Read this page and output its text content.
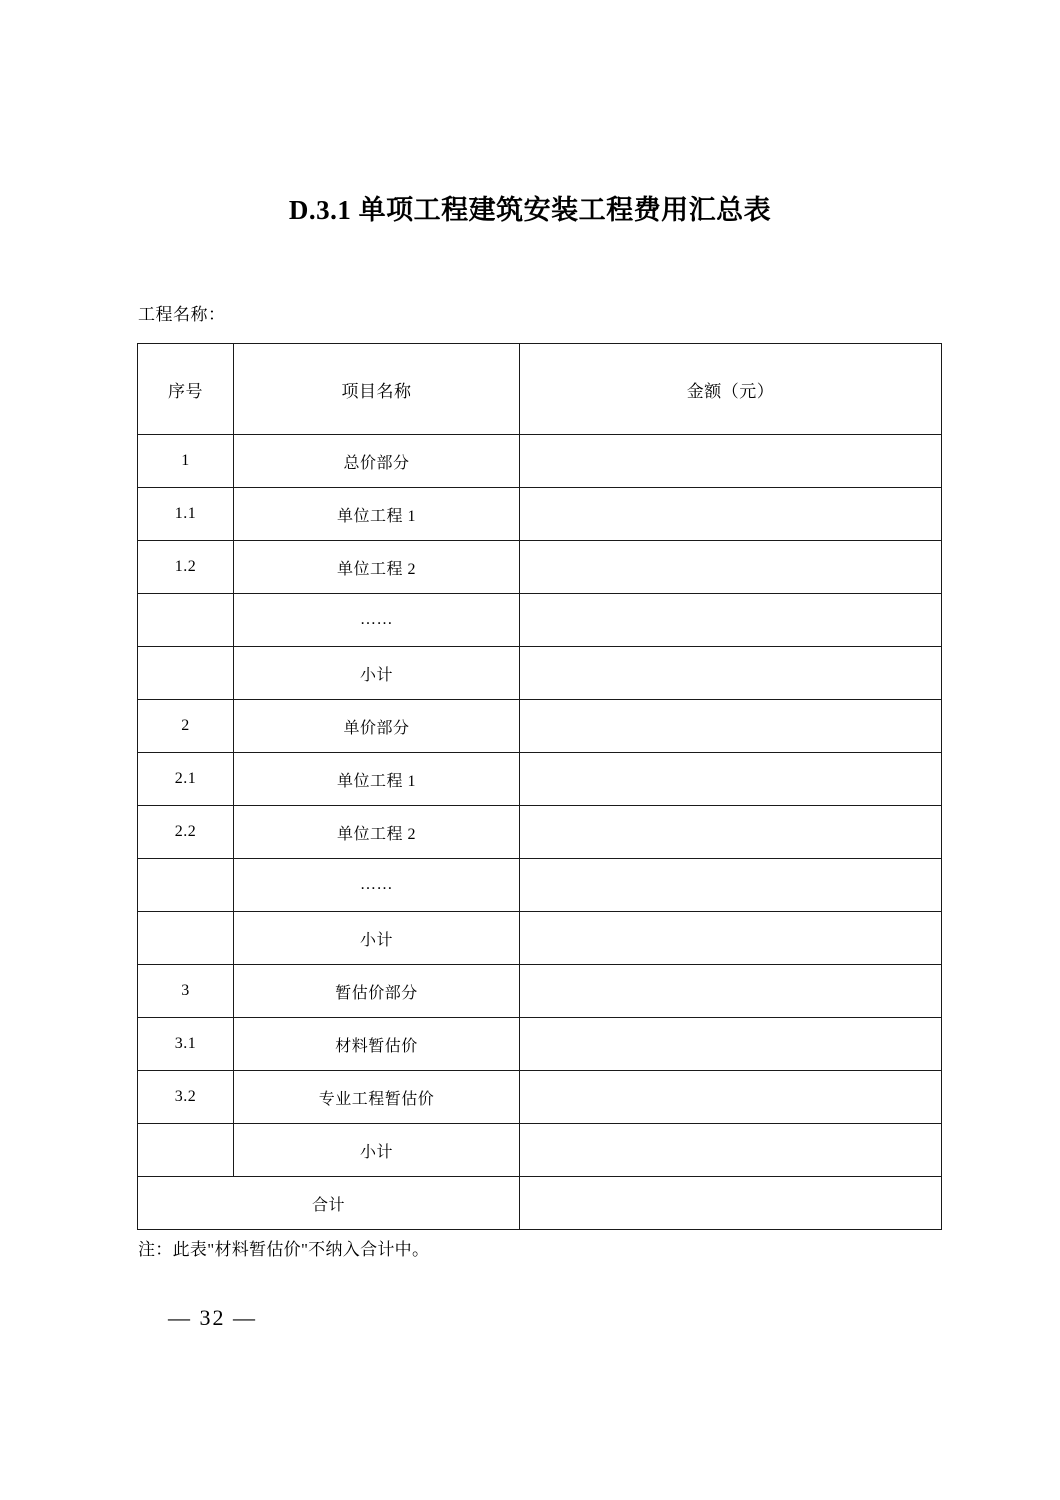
D.3.1 单项工程建筑安装工程费用汇总表
工程名称：
序号	项目名称	金额（元）
1	总价部分	
1.1	单位工程 1	
1.2	单位工程 2	
	……	
	小计	
2	单价部分	
2.1	单位工程 1	
2.2	单位工程 2	
	……	
	小计	
3	暂估价部分	
3.1	材料暂估价	
3.2	专业工程暂估价	
	小计	
合计		
注：此表"材料暂估价"不纳入合计中。
— 32 —
